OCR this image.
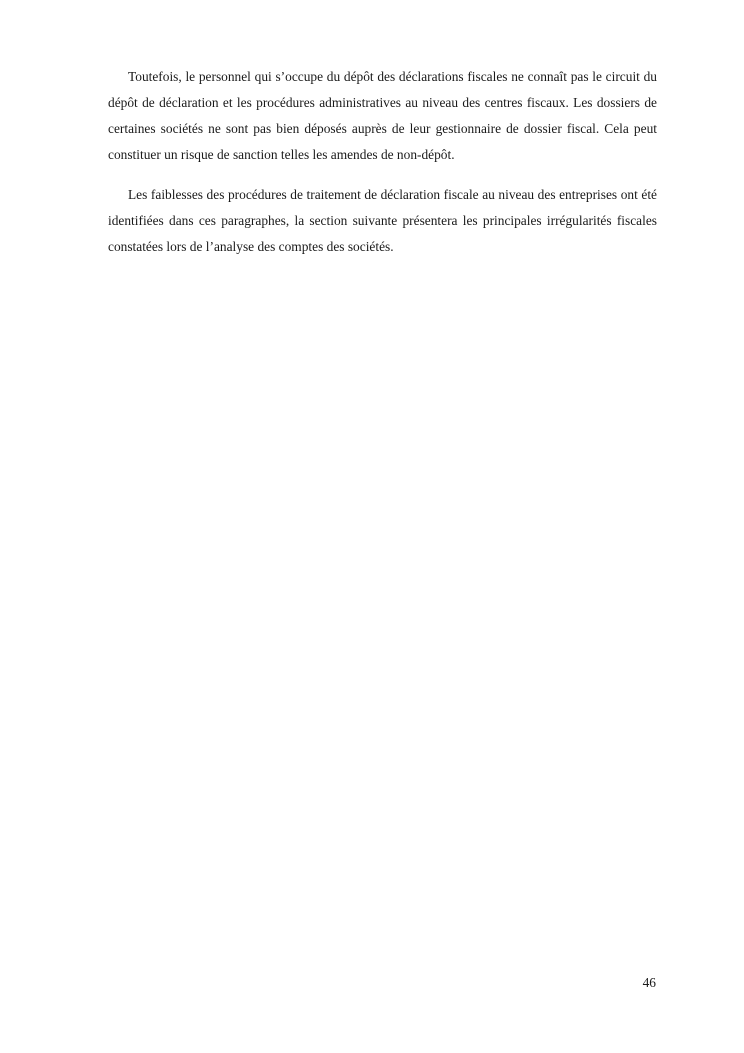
Toutefois, le personnel qui s’occupe du dépôt des déclarations fiscales ne connaît pas le circuit du dépôt de déclaration et les procédures administratives au niveau des centres fiscaux. Les dossiers de certaines sociétés ne sont pas bien déposés auprès de leur gestionnaire de dossier fiscal. Cela peut constituer un risque de sanction telles les amendes de non-dépôt.

Les faiblesses des procédures de traitement de déclaration fiscale au niveau des entreprises ont été identifiées dans ces paragraphes, la section suivante présentera les principales irrégularités fiscales constatées lors de l’analyse des comptes des sociétés.

46
